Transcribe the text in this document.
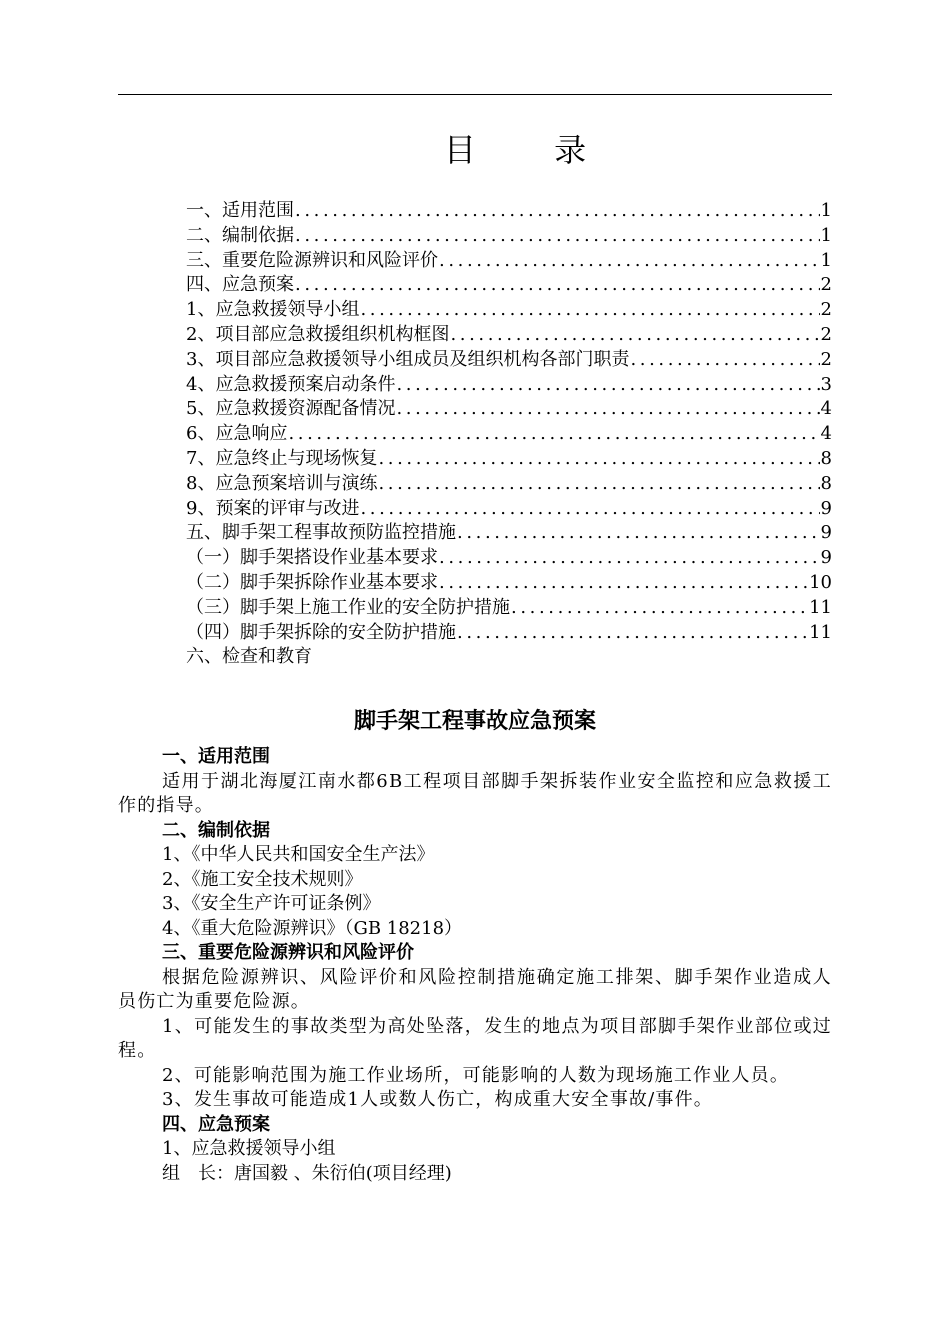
目 录
一、适用范围 .....	1
二、编制依据 .....	1
三、重要危险源辨识和风险评价 .....	1
四、应急预案 .....	2
1、应急救援领导小组 .....	2
2、项目部应急救援组织机构框图 .....	2
3、项目部应急救援领导小组成员及组织机构各部门职责 .....	2
4、应急救援预案启动条件 .....	3
5、应急救援资源配备情况 .....	4
6、应急响应 .....	4
7、应急终止与现场恢复 .....	8
8、应急预案培训与演练 .....	8
9、预案的评审与改进 .....	9
五、脚手架工程事故预防监控措施 .....	9
（一）脚手架搭设作业基本要求 .....	9
（二）脚手架拆除作业基本要求 .....	10
（三）脚手架上施工作业的安全防护措施 .....	11
（四）脚手架拆除的安全防护措施 .....	11
六、检查和教育
脚手架工程事故应急预案
一、适用范围
适用于湖北海厦江南水都6B工程项目部脚手架拆装作业安全监控和应急救援工作的指导。
二、编制依据
1、《中华人民共和国安全生产法》
2、《施工安全技术规则》
3、《安全生产许可证条例》
4、《重大危险源辨识》（GB 18218）
三、重要危险源辨识和风险评价
根据危险源辨识、风险评价和风险控制措施确定施工排架、脚手架作业造成人员伤亡为重要危险源。
1、可能发生的事故类型为高处坠落，发生的地点为项目部脚手架作业部位或过程。
2、可能影响范围为施工作业场所，可能影响的人数为现场施工作业人员。
3、发生事故可能造成1人或数人伤亡，构成重大安全事故/事件。
四、应急预案
1、应急救援领导小组
组　长：唐国毅 、朱衍伯(项目经理)
